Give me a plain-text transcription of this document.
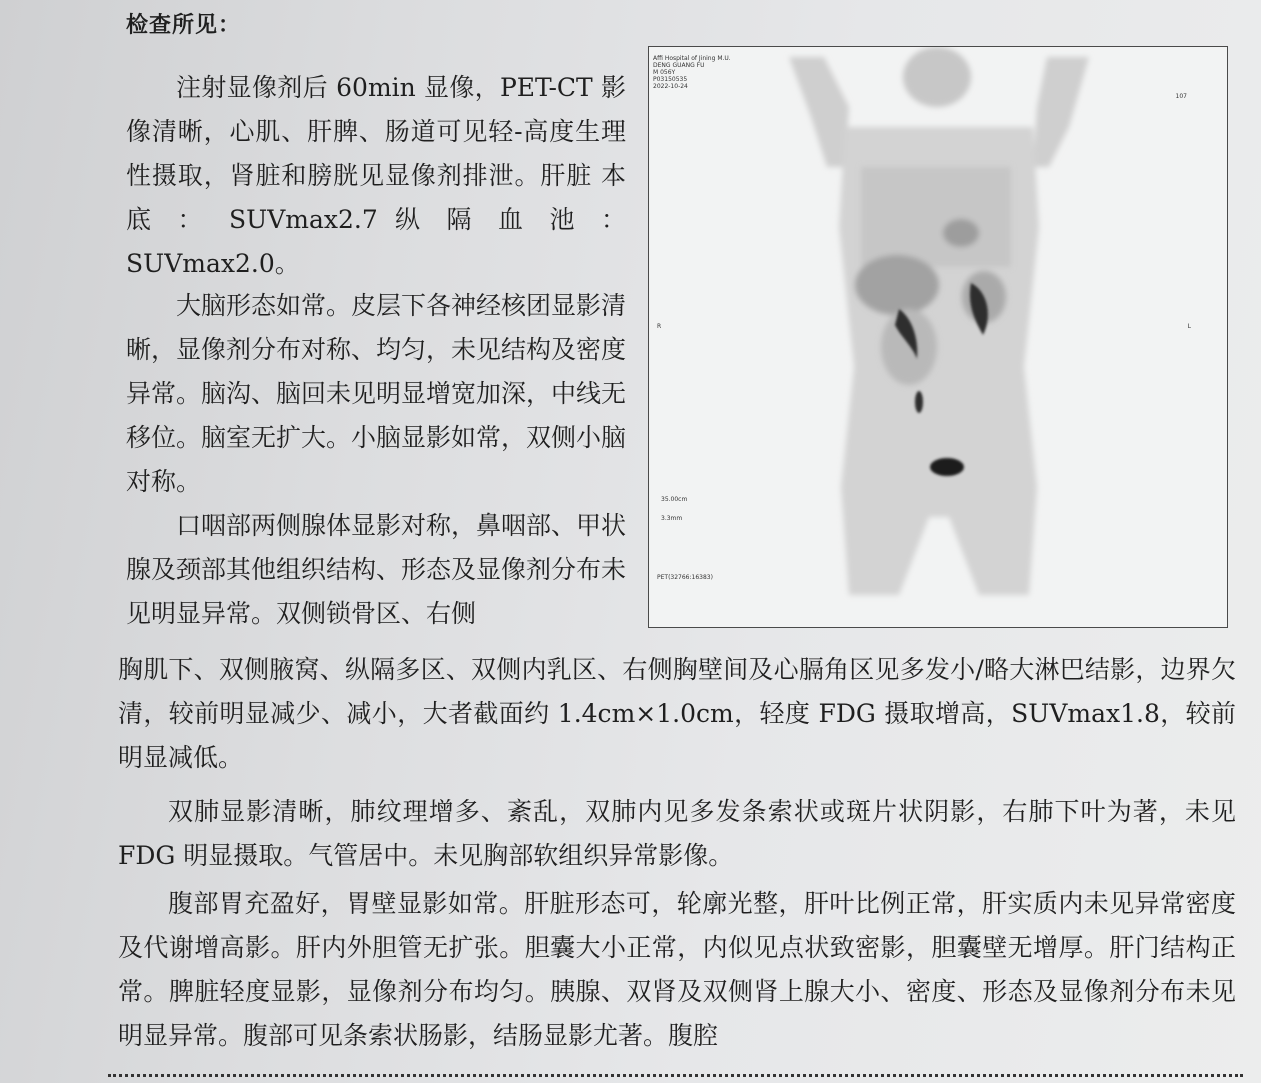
检查所见：

注射显像剂后 60min 显像，PET-CT 影像清晰，心肌、肝脾、肠道可见轻-高度生理性摄取，肾脏和膀胱见显像剂排泄。肝脏 本 底 ： SUVmax2.7 纵 隔 血 池 ： SUVmax2.0。

大脑形态如常。皮层下各神经核团显影清晰，显像剂分布对称、均匀，未见结构及密度异常。脑沟、脑回未见明显增宽加深，中线无移位。脑室无扩大。小脑显影如常，双侧小脑对称。

口咽部两侧腺体显影对称，鼻咽部、甲状腺及颈部其他组织结构、形态及显像剂分布未见明显异常。双侧锁骨区、右侧

胸肌下、双侧腋窝、纵隔多区、双侧内乳区、右侧胸壁间及心膈角区见多发小/略大淋巴结影，边界欠清，较前明显减少、减小，大者截面约 1.4cm×1.0cm，轻度 FDG 摄取增高，SUVmax1.8，较前明显减低。

双肺显影清晰，肺纹理增多、紊乱，双肺内见多发条索状或斑片状阴影，右肺下叶为著，未见 FDG 明显摄取。气管居中。未见胸部软组织异常影像。

腹部胃充盈好，胃壁显影如常。肝脏形态可，轮廓光整，肝叶比例正常，肝实质内未见异常密度及代谢增高影。肝内外胆管无扩张。胆囊大小正常，内似见点状致密影，胆囊壁无增厚。肝门结构正常。脾脏轻度显影，显像剂分布均匀。胰腺、双肾及双侧肾上腺大小、密度、形态及显像剂分布未见明显异常。腹部可见条索状肠影，结肠显影尤著。腹腔

Affi Hospital of Jining M.U.
DENG GUANG FU
M 056Y
P03150535
2022-10-24
107
R	L
35.00cm
3.3mm
PET(32766:16383)
